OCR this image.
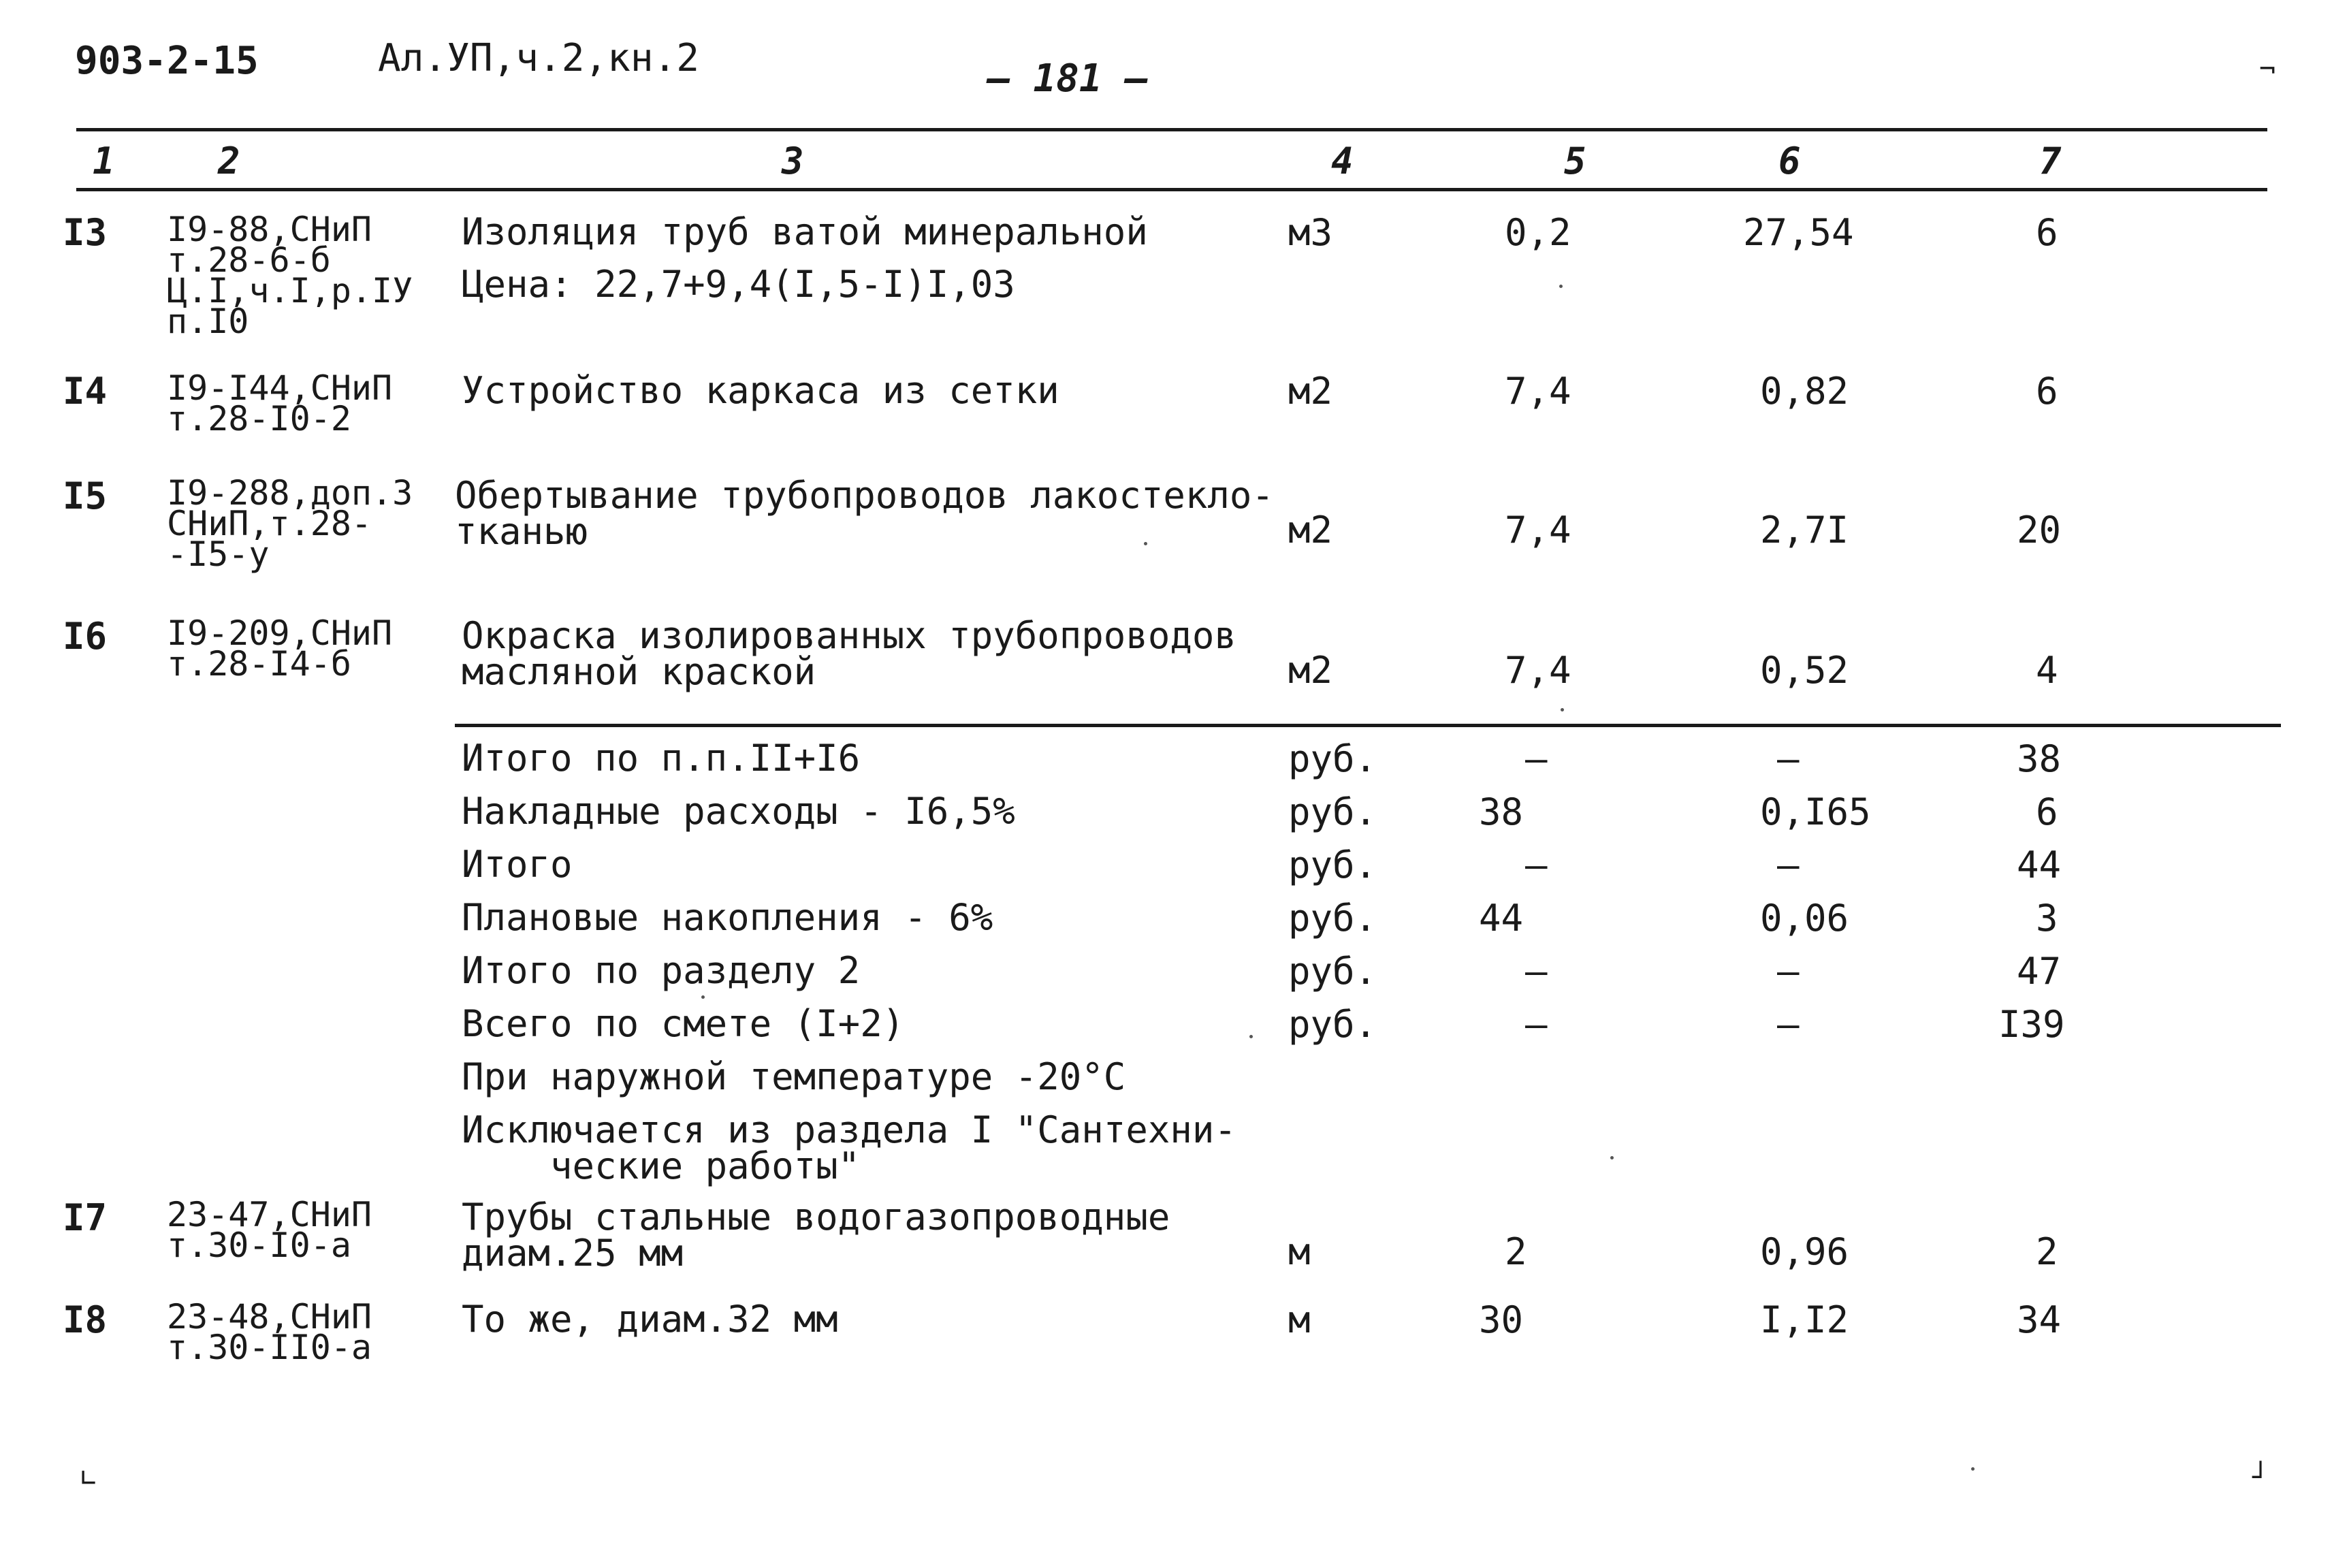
903-2-15	Ал.УП,ч.2,кн.2	– 181 –	¬
1	2	3	4	5	6	7
I3 I9-88,СНиП
т.28-6-б
Ц.I,ч.I,р.IУ
п.I0
Изоляция труб ватой минеральной
Цена: 22,7+9,4(I,5-I)I,03
м3	0,2	27,54	6
I4 I9-I44,СНиП
т.28-I0-2
Устройство каркаса из сетки	м2	7,4	0,82	6
I5 I9-288,доп.3
СНиП,т.28-
-I5-у
Обертывание трубопроводов лакостекло-
тканью	м2	7,4	2,7I	20
I6 I9-209,СНиП
т.28-I4-б
Окраска изолированных трубопроводов
масляной краской	м2	7,4	0,52	4
Итого по п.п.II+I6	руб.	–	–	38
Накладные расходы - I6,5%	руб.	38	0,I65	6
Итого	руб.	–	–	44
Плановые накопления - 6%	руб.	44	0,06	3
Итого по разделу 2	руб.	–	–	47
Всего по смете (I+2)	руб.	–	–	I39
При наружной температуре -20°С
Исключается из раздела I "Сантехни-
ческие работы"
I7 23-47,СНиП
т.30-I0-а
Трубы стальные водогазопроводные
диам.25 мм	м	2	0,96	2
I8 23-48,СНиП
т.30-II0-а
То же, диам.32 мм	м	30	I,I2	34
∟	┘
